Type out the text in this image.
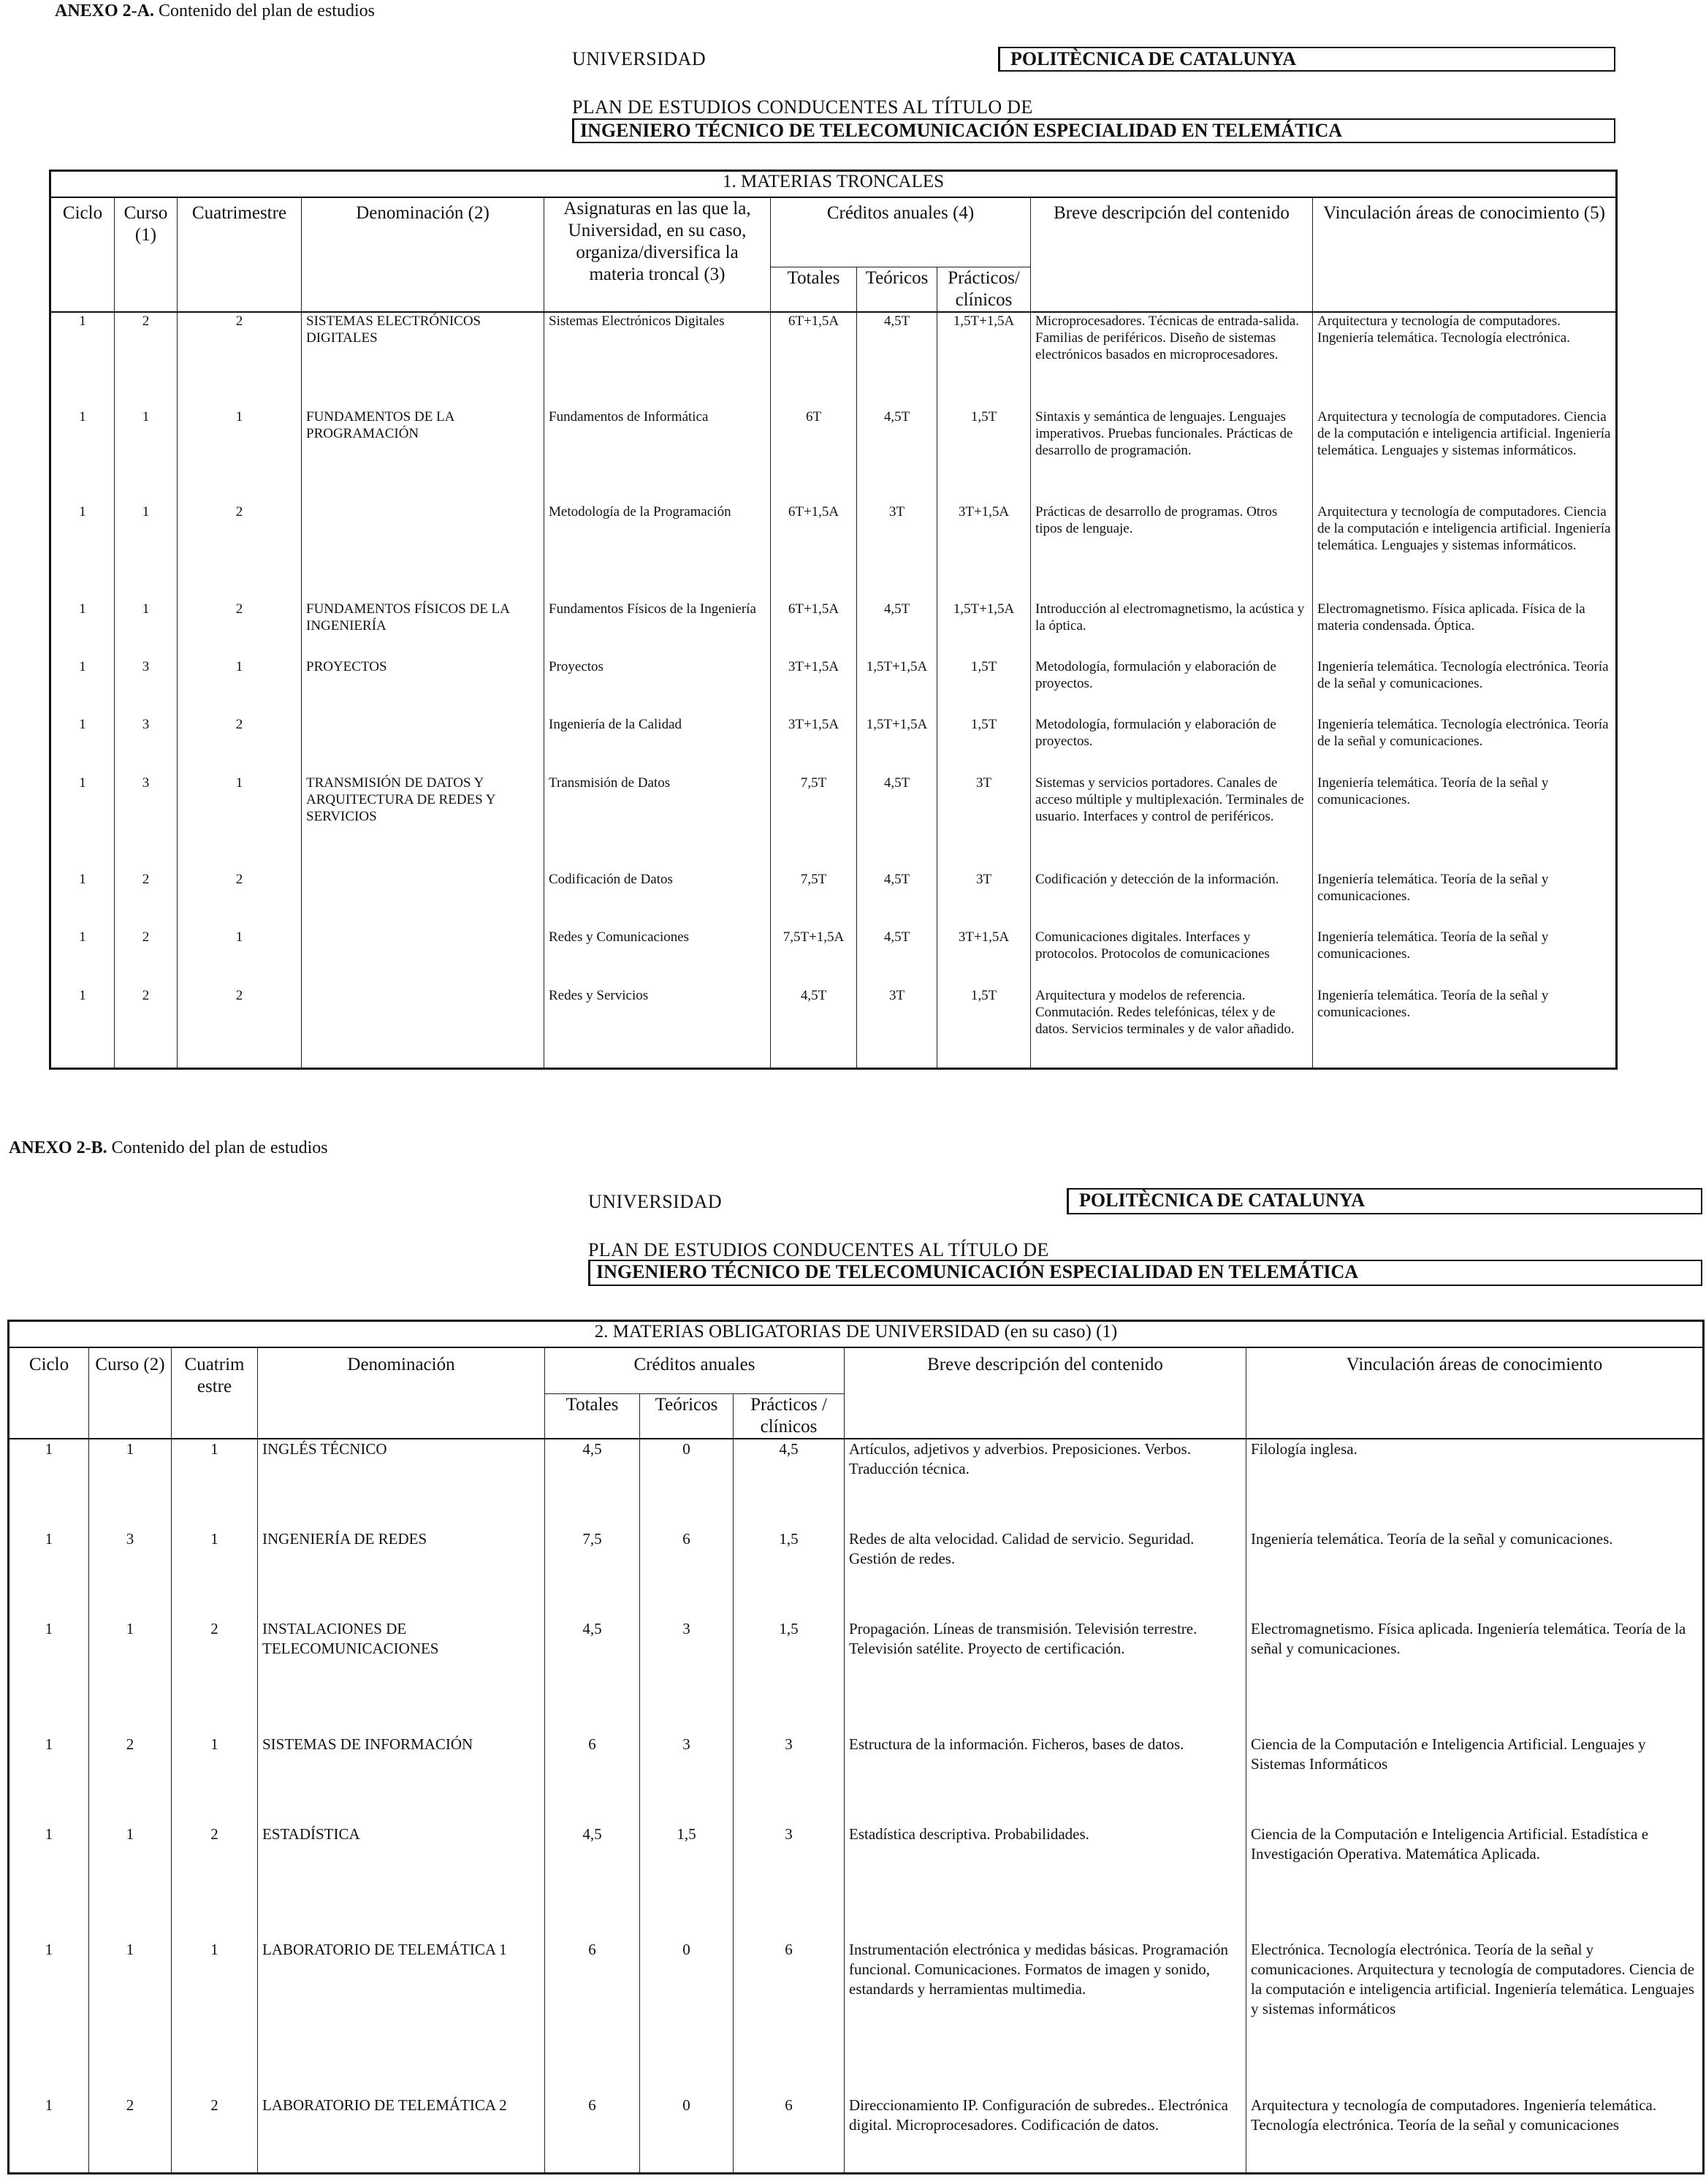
ANEXO 2-A. Contenido del plan de estudios
UNIVERSIDAD	POLITÈCNICA DE CATALUNYA
PLAN DE ESTUDIOS CONDUCENTES AL TÍTULO DE
INGENIERO TÉCNICO DE TELECOMUNICACIÓN ESPECIALIDAD EN TELEMÁTICA
1. MATERIAS TRONCALES									
Ciclo	Curso (1)	Cuatrimestre	Denominación (2)	Asignaturas en las que la, Universidad, en su caso, organiza/diversifica la materia troncal (3)	Créditos anuales (4)			Breve descripción del contenido	Vinculación áreas de conocimiento (5)
					Totales	Teóricos	Prácticos/ clínicos		
1	2	2	SISTEMAS ELECTRÓNICOS DIGITALES	Sistemas Electrónicos Digitales	6T+1,5A	4,5T	1,5T+1,5A	Microprocesadores. Técnicas de entrada-salida. Familias de periféricos. Diseño de sistemas electrónicos basados en microprocesadores.	Arquitectura y tecnología de computadores. Ingeniería telemática. Tecnología electrónica.
1	1	1	FUNDAMENTOS DE LA PROGRAMACIÓN	Fundamentos de Informática	6T	4,5T	1,5T	Sintaxis y semántica de lenguajes. Lenguajes imperativos. Pruebas funcionales. Prácticas de desarrollo de programación.	Arquitectura y tecnología de computadores. Ciencia de la computación e inteligencia artificial. Ingeniería telemática. Lenguajes y sistemas informáticos.
1	1	2		Metodología de la Programación	6T+1,5A	3T	3T+1,5A	Prácticas de desarrollo de programas. Otros tipos de lenguaje.	Arquitectura y tecnología de computadores. Ciencia de la computación e inteligencia artificial. Ingeniería telemática. Lenguajes y sistemas informáticos.
1	1	2	FUNDAMENTOS FÍSICOS DE LA INGENIERÍA	Fundamentos Físicos de la Ingeniería	6T+1,5A	4,5T	1,5T+1,5A	Introducción al electromagnetismo, la acústica y la óptica.	Electromagnetismo. Física aplicada. Física de la materia condensada. Óptica.
1	3	1	PROYECTOS	Proyectos	3T+1,5A	1,5T+1,5A	1,5T	Metodología, formulación y elaboración de proyectos.	Ingeniería telemática. Tecnología electrónica. Teoría de la señal y comunicaciones.
1	3	2		Ingeniería de la Calidad	3T+1,5A	1,5T+1,5A	1,5T	Metodología, formulación y elaboración de proyectos.	Ingeniería telemática. Tecnología electrónica. Teoría de la señal y comunicaciones.
1	3	1	TRANSMISIÓN DE DATOS Y ARQUITECTURA DE REDES Y SERVICIOS	Transmisión de Datos	7,5T	4,5T	3T	Sistemas y servicios portadores. Canales de acceso múltiple y multiplexación. Terminales de usuario. Interfaces y control de periféricos.	Ingeniería telemática. Teoría de la señal y comunicaciones.
1	2	2		Codificación de Datos	7,5T	4,5T	3T	Codificación y detección de la información.	Ingeniería telemática. Teoría de la señal y comunicaciones.
1	2	1		Redes y Comunicaciones	7,5T+1,5A	4,5T	3T+1,5A	Comunicaciones digitales. Interfaces y protocolos. Protocolos de comunicaciones	Ingeniería telemática. Teoría de la señal y comunicaciones.
1	2	2		Redes y Servicios	4,5T	3T	1,5T	Arquitectura y modelos de referencia. Conmutación. Redes telefónicas, télex y de datos. Servicios terminales y de valor añadido.	Ingeniería telemática. Teoría de la señal y comunicaciones.
ANEXO 2-B. Contenido del plan de estudios
UNIVERSIDAD	POLITÈCNICA DE CATALUNYA
PLAN DE ESTUDIOS CONDUCENTES AL TÍTULO DE
INGENIERO TÉCNICO DE TELECOMUNICACIÓN ESPECIALIDAD EN TELEMÁTICA
2. MATERIAS OBLIGATORIAS DE UNIVERSIDAD (en su caso) (1)								
Ciclo	Curso (2)	Cuatrim estre	Denominación	Créditos anuales			Breve descripción del contenido	Vinculación áreas de conocimiento
				Totales	Teóricos	Prácticos / clínicos		
1	1	1	INGLÉS TÉCNICO	4,5	0	4,5	Artículos, adjetivos y adverbios. Preposiciones. Verbos. Traducción técnica.	Filología inglesa.
1	3	1	INGENIERÍA DE REDES	7,5	6	1,5	Redes de alta velocidad. Calidad de servicio. Seguridad. Gestión de redes.	Ingeniería telemática. Teoría de la señal y comunicaciones.
1	1	2	INSTALACIONES DE TELECOMUNICACIONES	4,5	3	1,5	Propagación. Líneas de transmisión. Televisión terrestre. Televisión satélite. Proyecto de certificación.	Electromagnetismo. Física aplicada. Ingeniería telemática. Teoría de la señal y comunicaciones.
1	2	1	SISTEMAS DE INFORMACIÓN	6	3	3	Estructura de la información. Ficheros, bases de datos.	Ciencia de la Computación e Inteligencia Artificial. Lenguajes y Sistemas Informáticos
1	1	2	ESTADÍSTICA	4,5	1,5	3	Estadística descriptiva. Probabilidades.	Ciencia de la Computación e Inteligencia Artificial. Estadística e Investigación Operativa. Matemática Aplicada.
1	1	1	LABORATORIO DE TELEMÁTICA 1	6	0	6	Instrumentación electrónica y medidas básicas. Programación funcional. Comunicaciones. Formatos de imagen y sonido, estandards y herramientas multimedia.	Electrónica. Tecnología electrónica. Teoría de la señal y comunicaciones. Arquitectura y tecnología de computadores. Ciencia de la computación e inteligencia artificial. Ingeniería telemática. Lenguajes y sistemas informáticos
1	2	2	LABORATORIO DE TELEMÁTICA 2	6	0	6	Direccionamiento IP. Configuración de subredes.. Electrónica digital. Microprocesadores. Codificación de datos.	Arquitectura y tecnología de computadores. Ingeniería telemática. Tecnología electrónica. Teoría de la señal y comunicaciones
